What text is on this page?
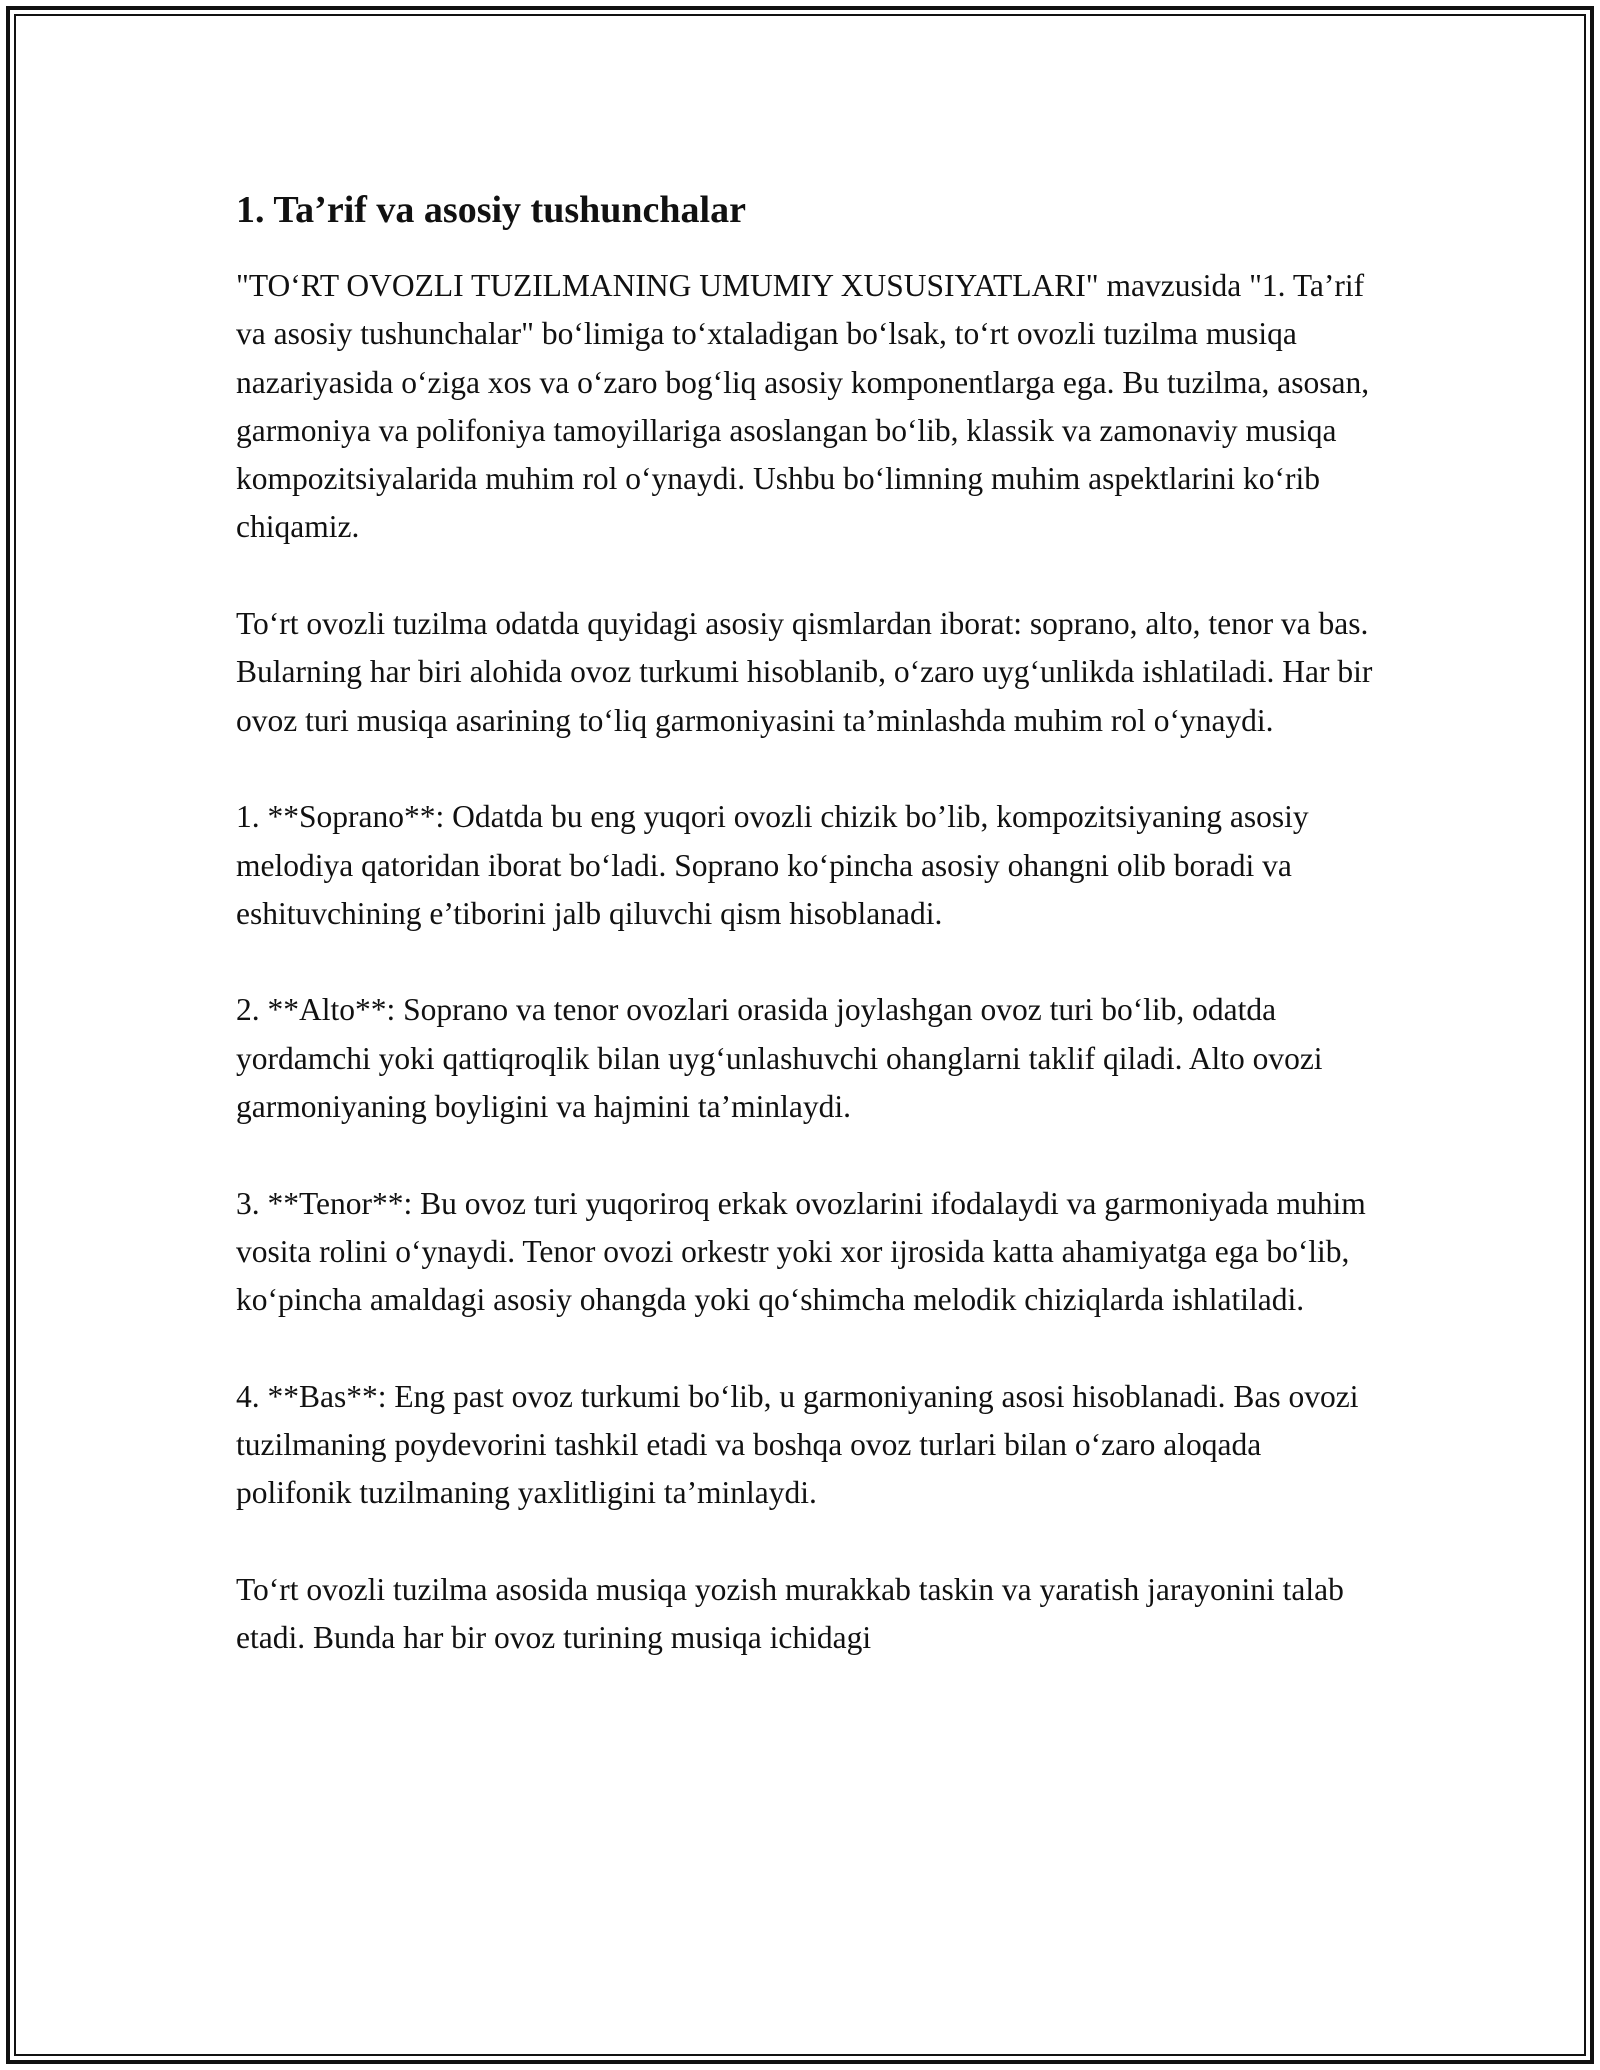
1. Ta’rif va asosiy tushunchalar

"TO‘RT OVOZLI TUZILMANING UMUMIY XUSUSIYATLARI" mavzusida "1. Ta’rif va asosiy tushunchalar" bo‘limiga to‘xtaladigan bo‘lsak, to‘rt ovozli tuzilma musiqa nazariyasida o‘ziga xos va o‘zaro bog‘liq asosiy komponentlarga ega. Bu tuzilma, asosan, garmoniya va polifoniya tamoyillariga asoslangan bo‘lib, klassik va zamonaviy musiqa kompozitsiyalarida muhim rol o‘ynaydi. Ushbu bo‘limning muhim aspektlarini ko‘rib chiqamiz.

To‘rt ovozli tuzilma odatda quyidagi asosiy qismlardan iborat: soprano, alto, tenor va bas. Bularning har biri alohida ovoz turkumi hisoblanib, o‘zaro uyg‘unlikda ishlatiladi. Har bir ovoz turi musiqa asarining to‘liq garmoniyasini ta’minlashda muhim rol o‘ynaydi.

1. **Soprano**: Odatda bu eng yuqori ovozli chizik bo’lib, kompozitsiyaning asosiy melodiya qatoridan iborat bo‘ladi. Soprano ko‘pincha asosiy ohangni olib boradi va eshituvchining e’tiborini jalb qiluvchi qism hisoblanadi.

2. **Alto**: Soprano va tenor ovozlari orasida joylashgan ovoz turi bo‘lib, odatda yordamchi yoki qattiqroqlik bilan uyg‘unlashuvchi ohanglarni taklif qiladi. Alto ovozi garmoniyaning boyligini va hajmini ta’minlaydi.

3. **Tenor**: Bu ovoz turi yuqoriroq erkak ovozlarini ifodalaydi va garmoniyada muhim vosita rolini o‘ynaydi. Tenor ovozi orkestr yoki xor ijrosida katta ahamiyatga ega bo‘lib, ko‘pincha amaldagi asosiy ohangda yoki qo‘shimcha melodik chiziqlarda ishlatiladi.

4. **Bas**: Eng past ovoz turkumi bo‘lib, u garmoniyaning asosi hisoblanadi. Bas ovozi tuzilmaning poydevorini tashkil etadi va boshqa ovoz turlari bilan o‘zaro aloqada polifonik tuzilmaning yaxlitligini ta’minlaydi.

To‘rt ovozli tuzilma asosida musiqa yozish murakkab taskin va yaratish jarayonini talab etadi. Bunda har bir ovoz turining musiqa ichidagi
